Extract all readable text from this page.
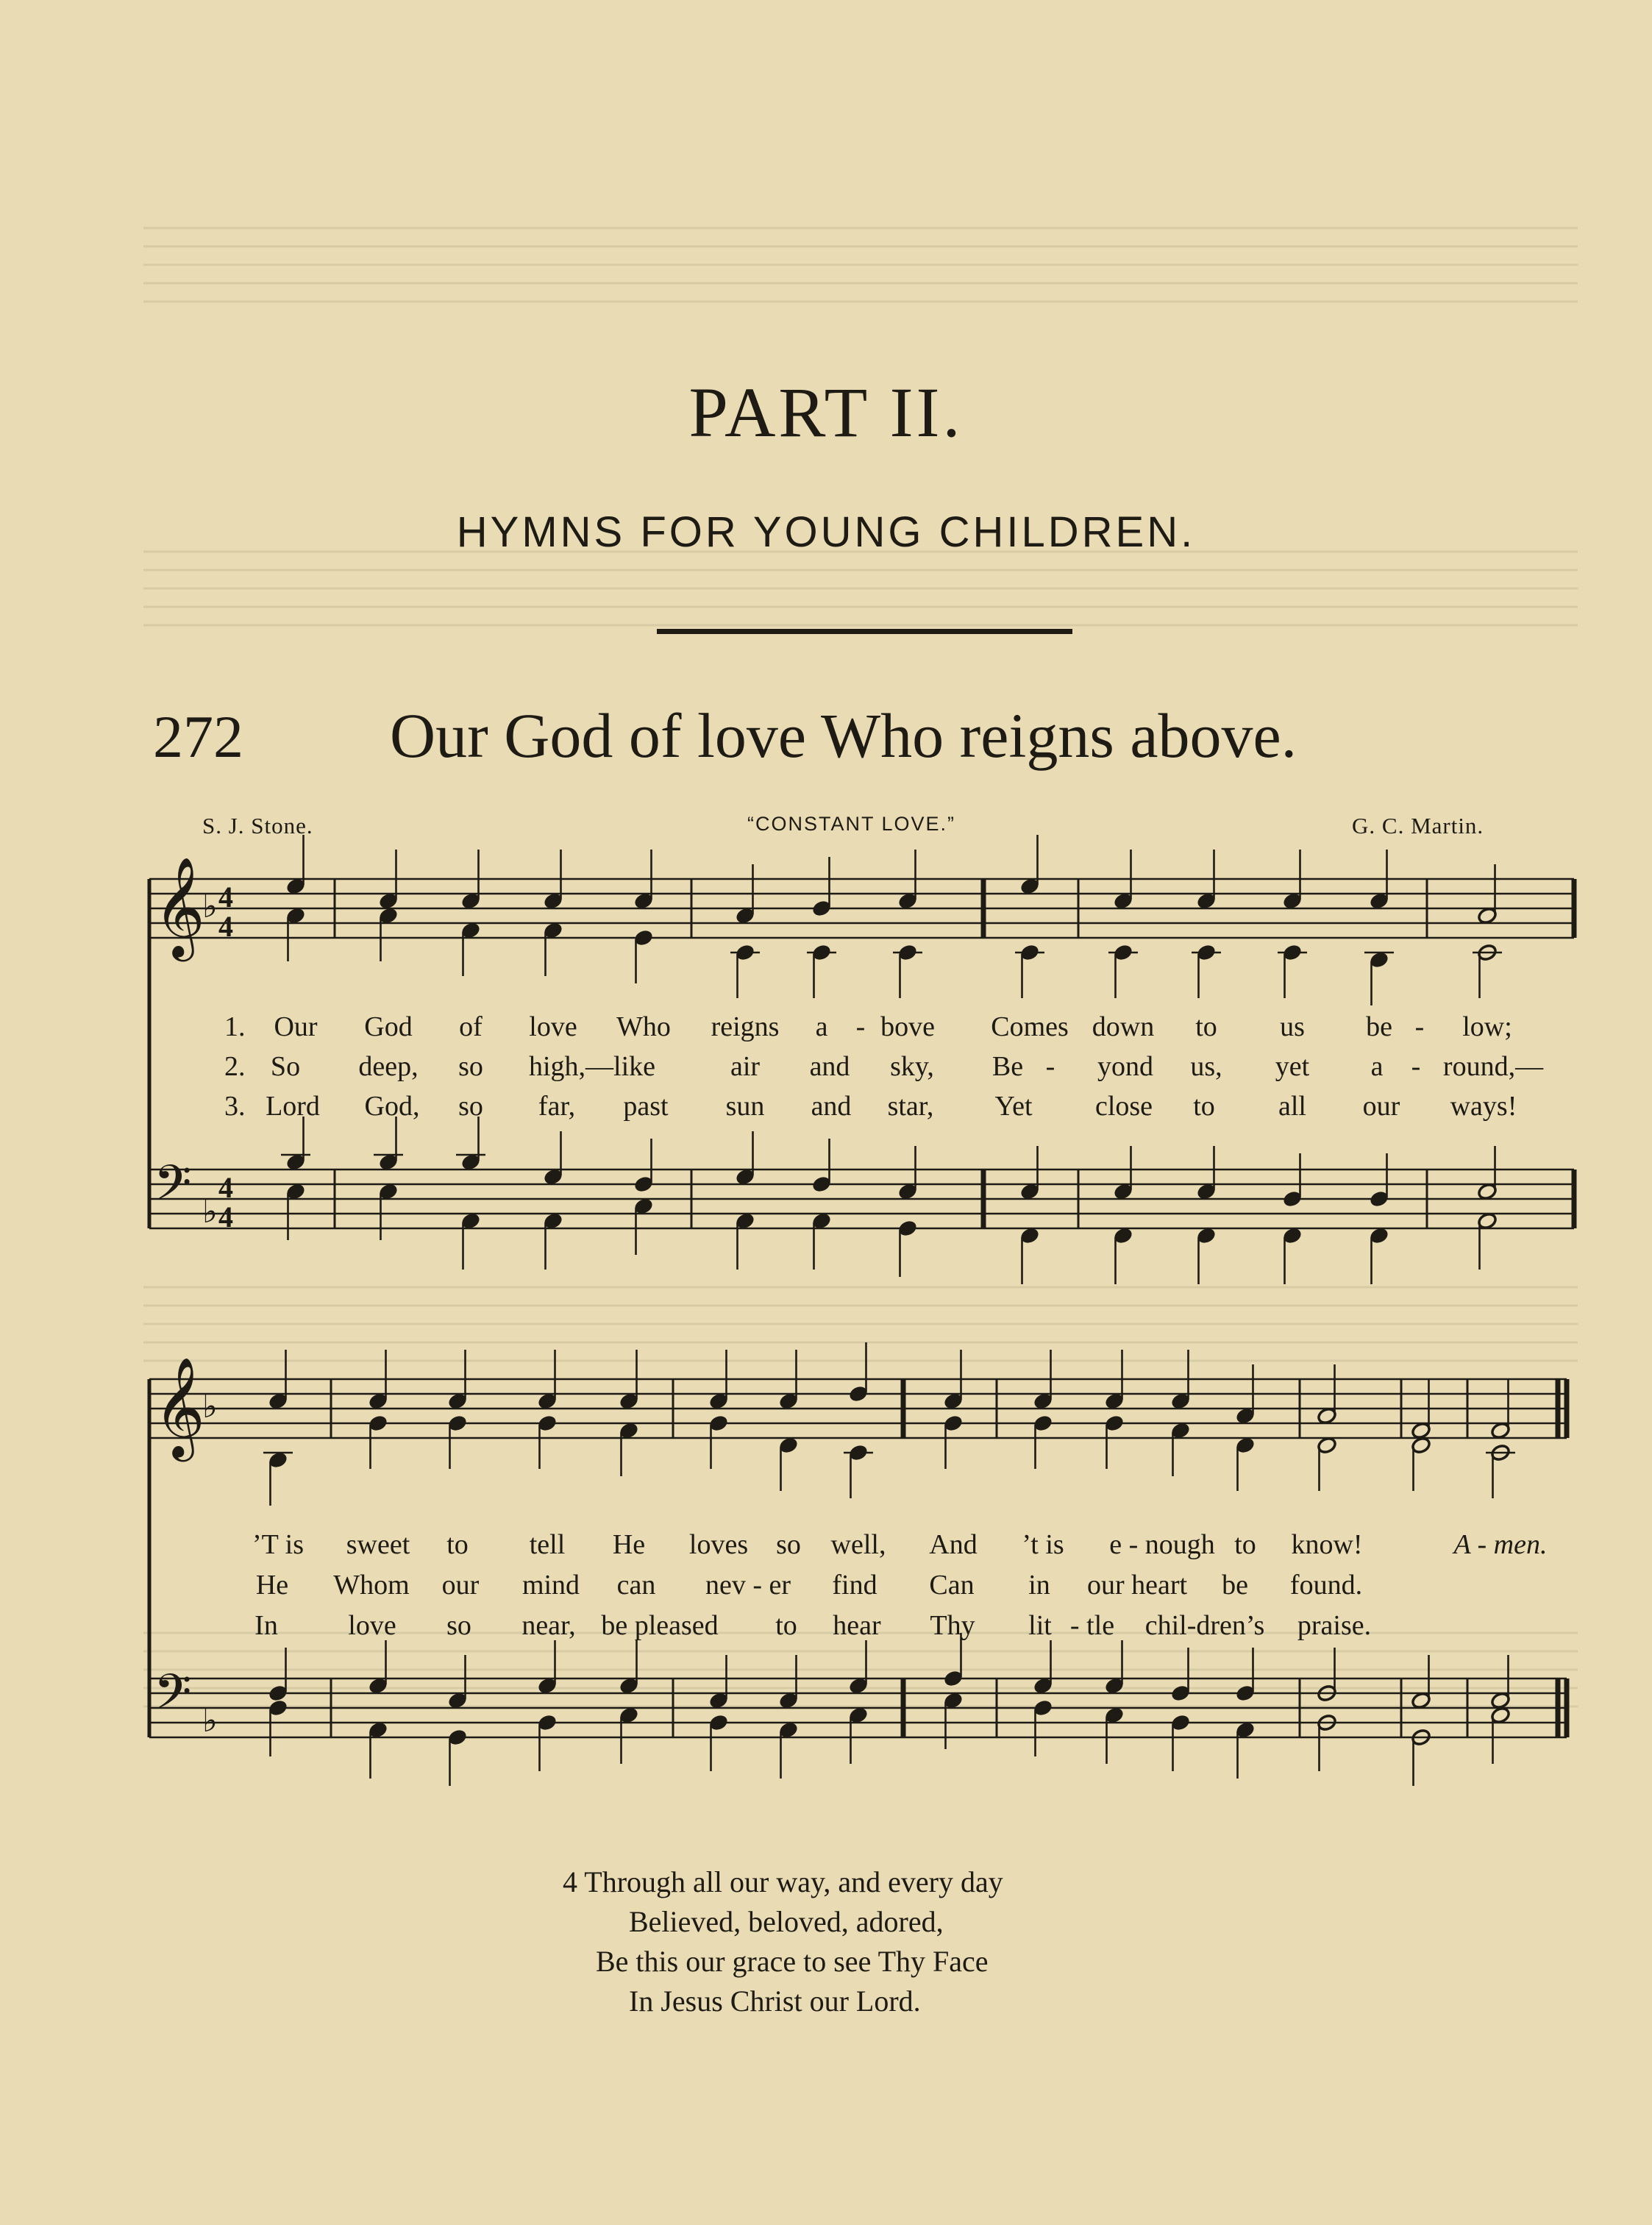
PART II.
HYMNS FOR YOUNG CHILDREN.
272 Our God of love Who reigns above.
S. J. Stone.	“CONSTANT LOVE.”	G. C. Martin.
𝄞
𝄢
♭
♭
4
4
4
4
𝄞
𝄢
♭
♭
1. Our God of love Who reigns a - bove Comes down to us be - low;
2. So deep, so high,—like	air and sky, Be - yond us, yet a - round,—
3. Lord God, so far, past sun and star, Yet close to all our ways!
’T is sweet to tell He loves so well, And ’t is e - nough to know!	A - men.
He Whom our mind can nev - er find Can in our heart be found.
In	love so near, be pleased to hear Thy lit - tle chil-dren’s praise.
4 Through all our way, and every day
Believed, beloved, adored,
Be this our grace to see Thy Face
In Jesus Christ our Lord.
